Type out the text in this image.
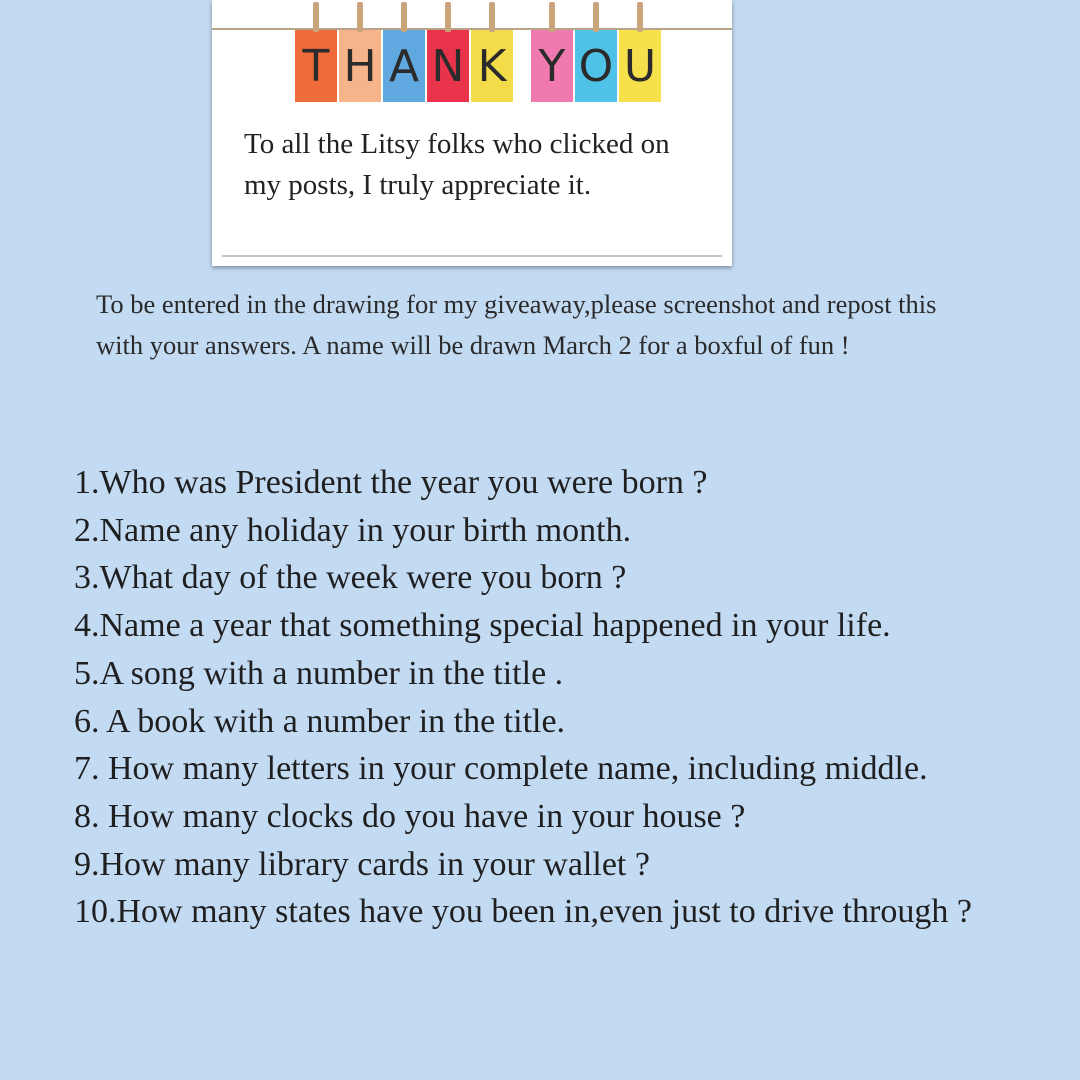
T H A N K Y O U

To all the Litsy folks who clicked on my posts, I truly appreciate it.

To be entered in the drawing for my giveaway,please screenshot and repost this with your answers. A name will be drawn March 2 for a boxful of fun !

1.Who was President the year you were born ?
2.Name any holiday in your birth month.
3.What day of the week were you born ?
4.Name a year that something special happened in your life.
5.A song with a number in the title .
6. A book with a number in the title.
7. How many letters in your complete name, including middle.
8. How many clocks do you have in your house ?
9.How many library cards in your wallet ?
10.How many states have you been in,even just to drive through ?
